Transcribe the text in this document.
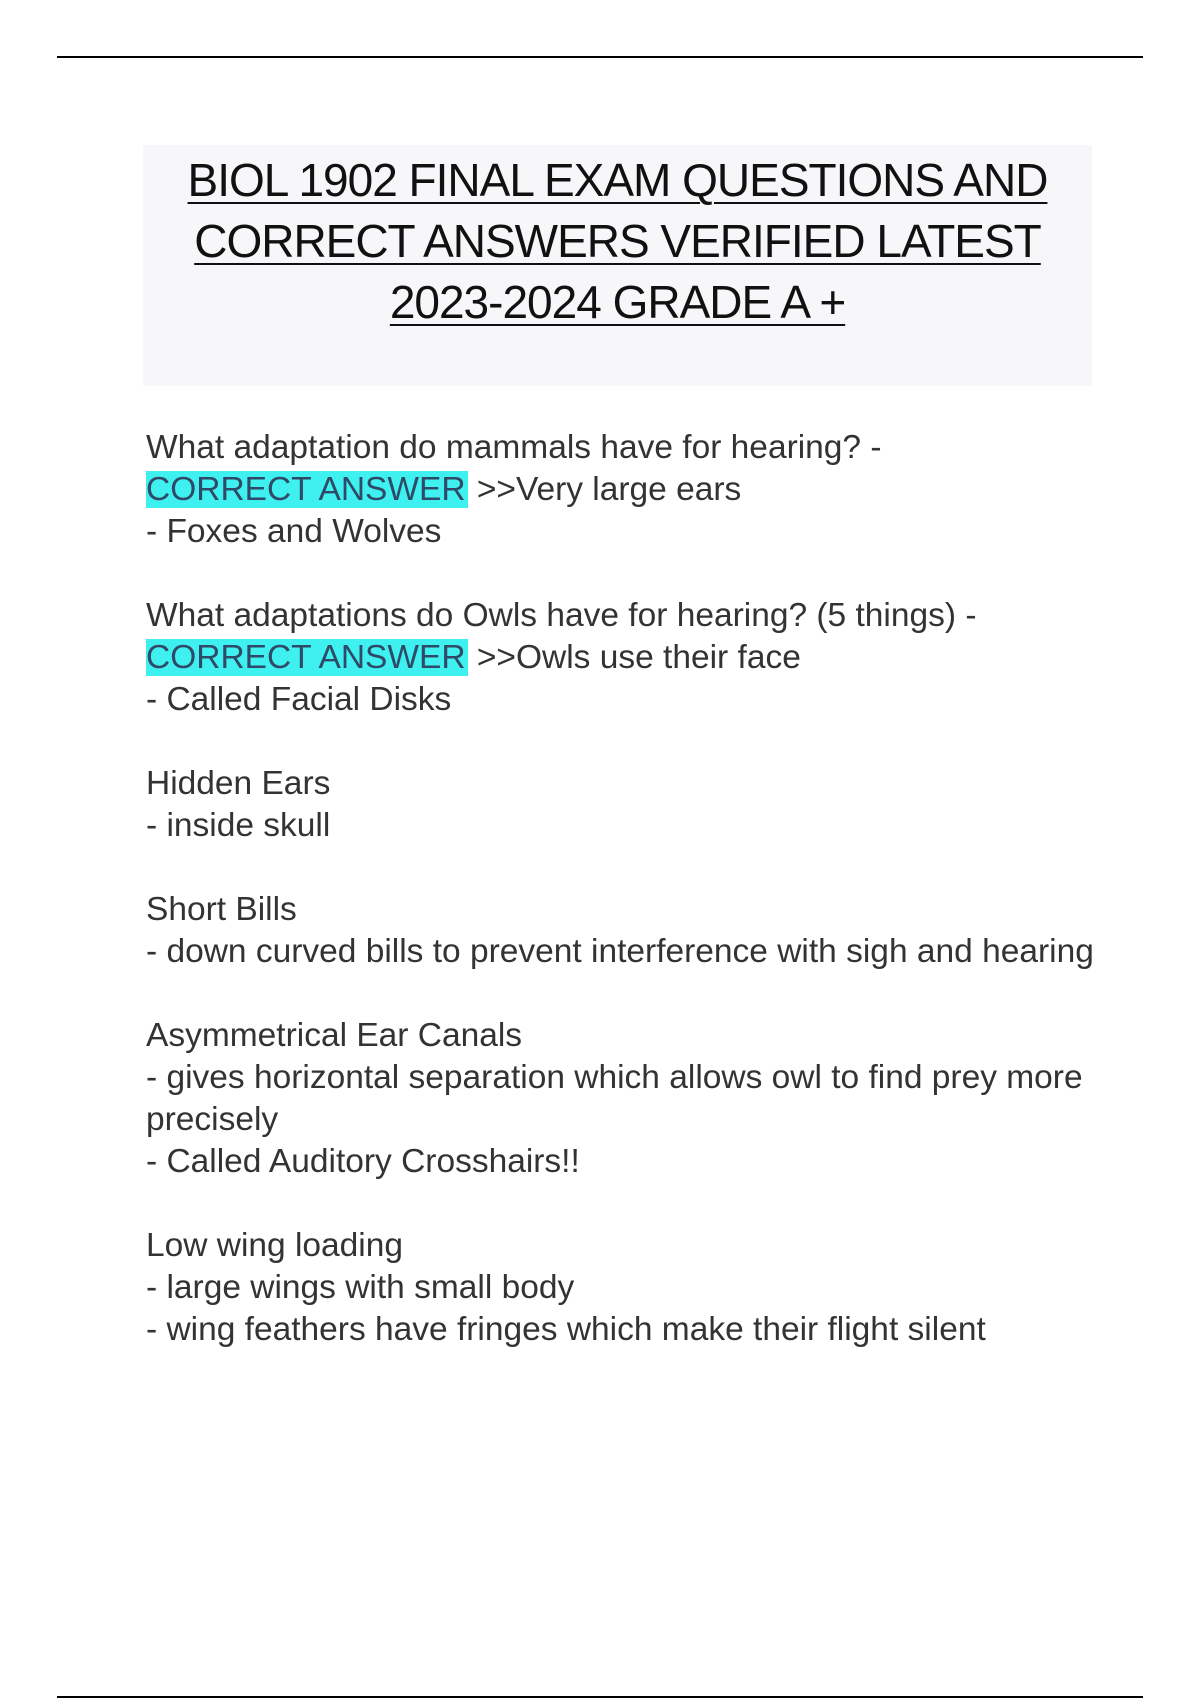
BIOL 1902 FINAL EXAM QUESTIONS AND
CORRECT ANSWERS VERIFIED LATEST
2023-2024 GRADE A +
What adaptation do mammals have for hearing? -
CORRECT ANSWER >>Very large ears
- Foxes and Wolves
What adaptations do Owls have for hearing? (5 things) -
CORRECT ANSWER >>Owls use their face
- Called Facial Disks
Hidden Ears
- inside skull
Short Bills
- down curved bills to prevent interference with sigh and hearing
Asymmetrical Ear Canals
- gives horizontal separation which allows owl to find prey more precisely
- Called Auditory Crosshairs!!
Low wing loading
- large wings with small body
- wing feathers have fringes which make their flight silent
